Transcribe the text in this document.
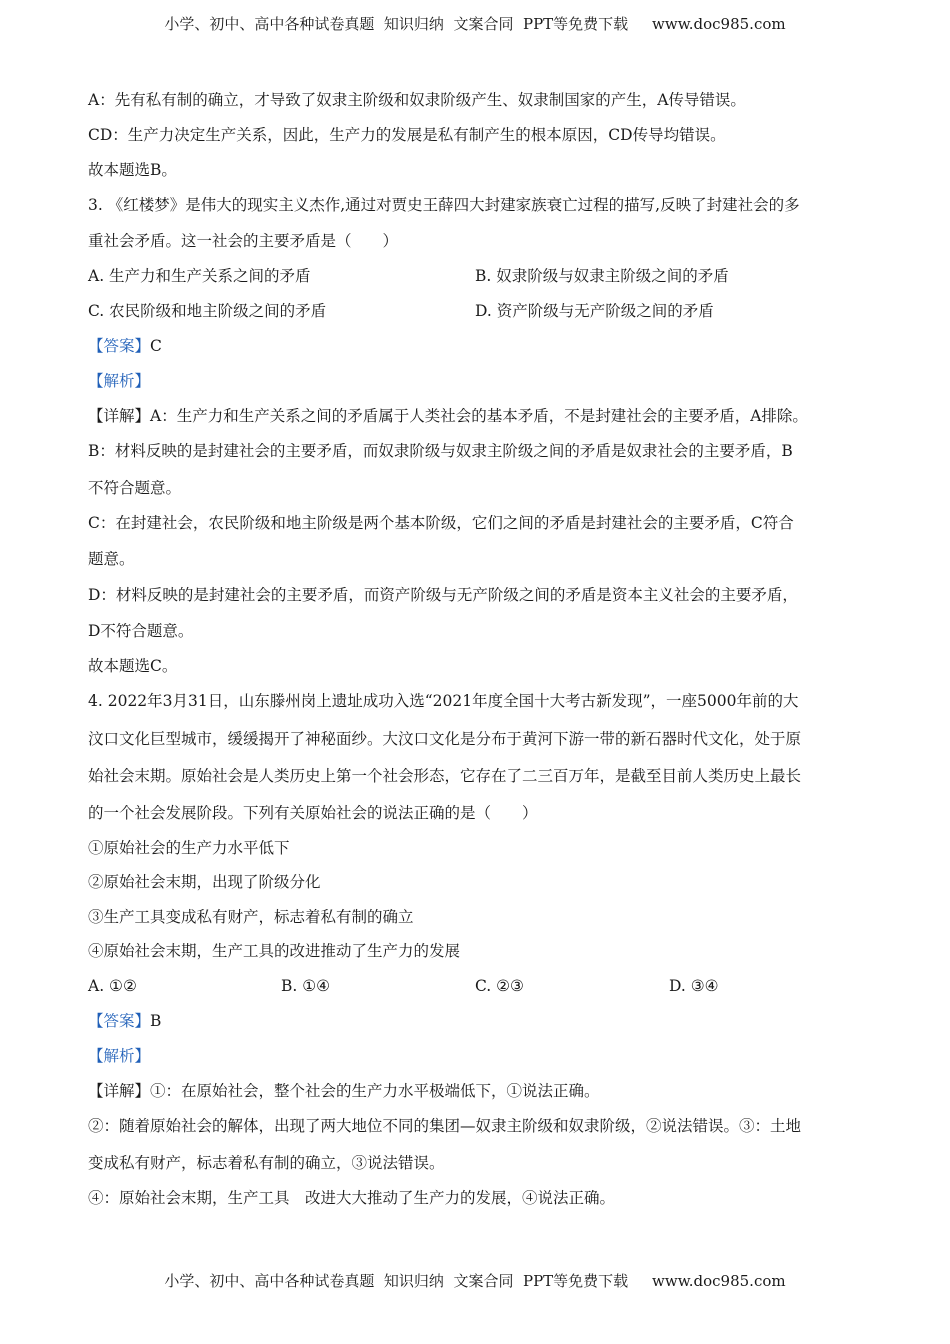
小学、初中、高中各种试卷真题  知识归纳  文案合同  PPT等免费下载     www.doc985.com
A：先有私有制的确立，才导致了奴隶主阶级和奴隶阶级产生、奴隶制国家的产生，A传导错误。
CD：生产力决定生产关系，因此，生产力的发展是私有制产生的根本原因，CD传导均错误。
故本题选B。
3. 《红楼梦》是伟大的现实主义杰作,通过对贾史王薛四大封建家族衰亡过程的描写,反映了封建社会的多
重社会矛盾。这一社会的主要矛盾是（　　）
A. 生产力和生产关系之间的矛盾	B. 奴隶阶级与奴隶主阶级之间的矛盾
C. 农民阶级和地主阶级之间的矛盾	D. 资产阶级与无产阶级之间的矛盾
【答案】C
【解析】
【详解】A：生产力和生产关系之间的矛盾属于人类社会的基本矛盾，不是封建社会的主要矛盾，A排除。
B：材料反映的是封建社会的主要矛盾，而奴隶阶级与奴隶主阶级之间的矛盾是奴隶社会的主要矛盾，B
不符合题意。
C：在封建社会，农民阶级和地主阶级是两个基本阶级，它们之间的矛盾是封建社会的主要矛盾，C符合
题意。
D：材料反映的是封建社会的主要矛盾，而资产阶级与无产阶级之间的矛盾是资本主义社会的主要矛盾，
D不符合题意。
故本题选C。
4. 2022年3月31日，山东滕州岗上遗址成功入选“2021年度全国十大考古新发现”，一座5000年前的大
汶口文化巨型城市，缓缓揭开了神秘面纱。大汶口文化是分布于黄河下游一带的新石器时代文化，处于原
始社会末期。原始社会是人类历史上第一个社会形态，它存在了二三百万年，是截至目前人类历史上最长
的一个社会发展阶段。下列有关原始社会的说法正确的是（　　）
①原始社会的生产力水平低下
②原始社会末期，出现了阶级分化
③生产工具变成私有财产，标志着私有制的确立
④原始社会末期，生产工具的改进推动了生产力的发展
A. ①②	B. ①④	C. ②③	D. ③④
【答案】B
【解析】
【详解】①：在原始社会，整个社会的生产力水平极端低下，①说法正确。
②：随着原始社会的解体，出现了两大地位不同的集团—奴隶主阶级和奴隶阶级，②说法错误。③：土地
变成私有财产，标志着私有制的确立，③说法错误。
④：原始社会末期，生产工具　改进大大推动了生产力的发展，④说法正确。
小学、初中、高中各种试卷真题  知识归纳  文案合同  PPT等免费下载     www.doc985.com
